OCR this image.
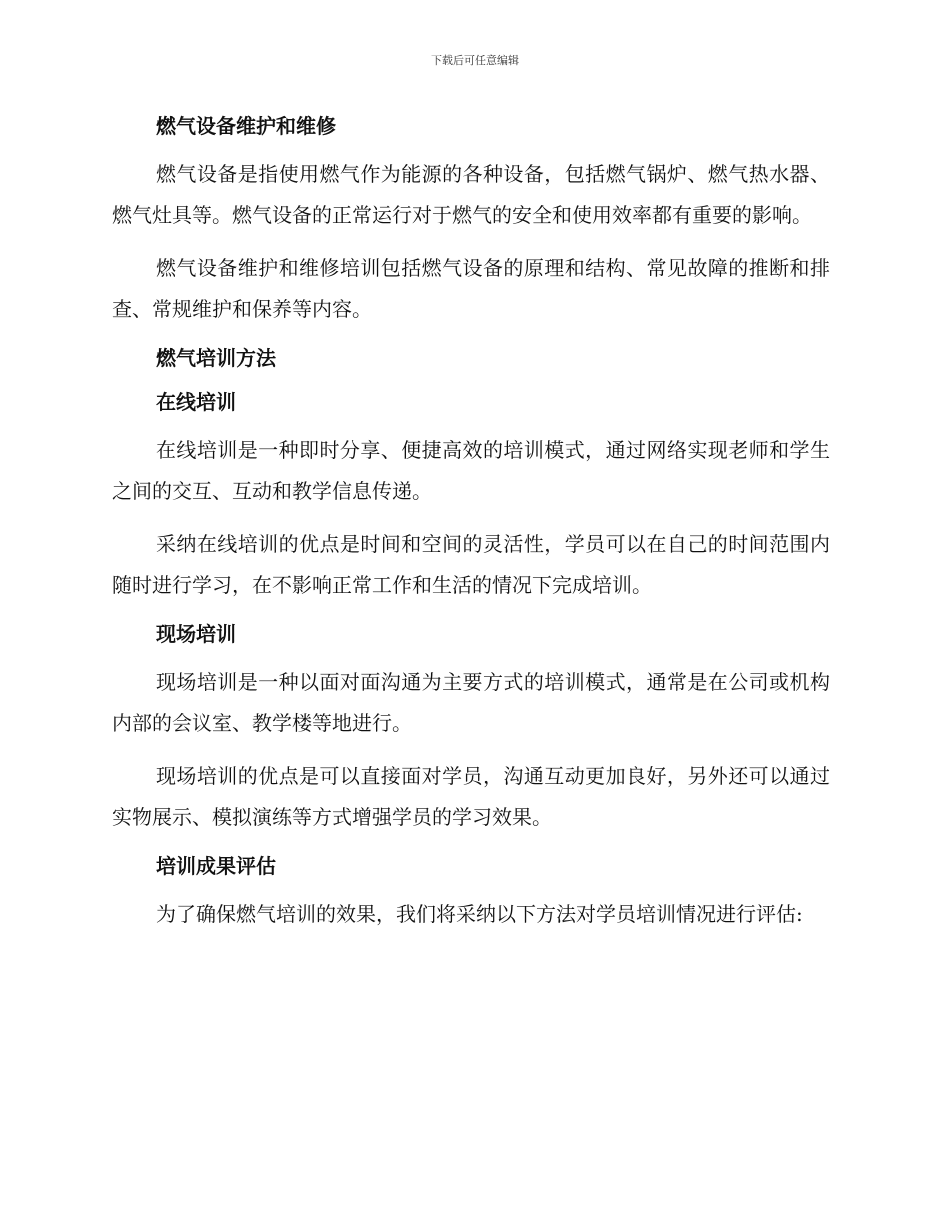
下载后可任意编辑
燃气设备维护和维修

燃气设备是指使用燃气作为能源的各种设备，包括燃气锅炉、燃气热水器、燃气灶具等。燃气设备的正常运行对于燃气的安全和使用效率都有重要的影响。

燃气设备维护和维修培训包括燃气设备的原理和结构、常见故障的推断和排查、常规维护和保养等内容。

燃气培训方法
在线培训

在线培训是一种即时分享、便捷高效的培训模式，通过网络实现老师和学生之间的交互、互动和教学信息传递。

采纳在线培训的优点是时间和空间的灵活性，学员可以在自己的时间范围内随时进行学习，在不影响正常工作和生活的情况下完成培训。

现场培训

现场培训是一种以面对面沟通为主要方式的培训模式，通常是在公司或机构内部的会议室、教学楼等地进行。

现场培训的优点是可以直接面对学员，沟通互动更加良好，另外还可以通过实物展示、模拟演练等方式增强学员的学习效果。

培训成果评估

为了确保燃气培训的效果，我们将采纳以下方法对学员培训情况进行评估:
